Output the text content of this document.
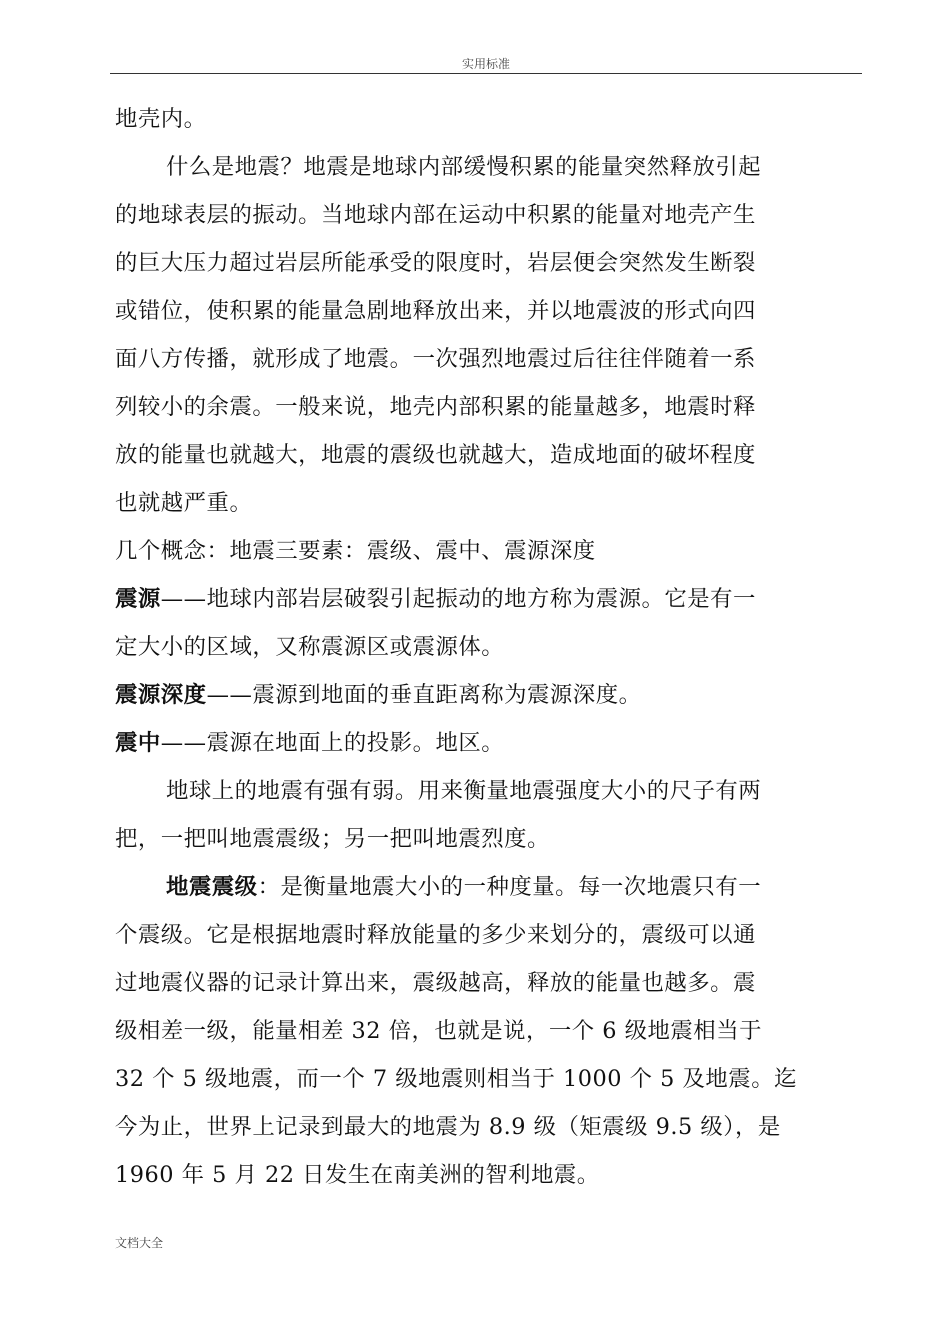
实用标准
地壳内。
什么是地震？地震是地球内部缓慢积累的能量突然释放引起
的地球表层的振动。当地球内部在运动中积累的能量对地壳产生
的巨大压力超过岩层所能承受的限度时，岩层便会突然发生断裂
或错位，使积累的能量急剧地释放出来，并以地震波的形式向四
面八方传播，就形成了地震。一次强烈地震过后往往伴随着一系
列较小的余震。一般来说，地壳内部积累的能量越多，地震时释
放的能量也就越大，地震的震级也就越大，造成地面的破坏程度
也就越严重。
几个概念：地震三要素：震级、震中、震源深度
震源——地球内部岩层破裂引起振动的地方称为震源。它是有一
定大小的区域，又称震源区或震源体。
震源深度——震源到地面的垂直距离称为震源深度。
震中——震源在地面上的投影。地区。
地球上的地震有强有弱。用来衡量地震强度大小的尺子有两
把，一把叫地震震级；另一把叫地震烈度。
地震震级：是衡量地震大小的一种度量。每一次地震只有一
个震级。它是根据地震时释放能量的多少来划分的，震级可以通
过地震仪器的记录计算出来，震级越高，释放的能量也越多。震
级相差一级，能量相差 32 倍，也就是说，一个 6 级地震相当于
32 个 5 级地震，而一个 7 级地震则相当于 1000 个 5 及地震。迄
今为止，世界上记录到最大的地震为 8.9 级（矩震级 9.5 级），是
1960 年 5 月 22 日发生在南美洲的智利地震。
文档大全
